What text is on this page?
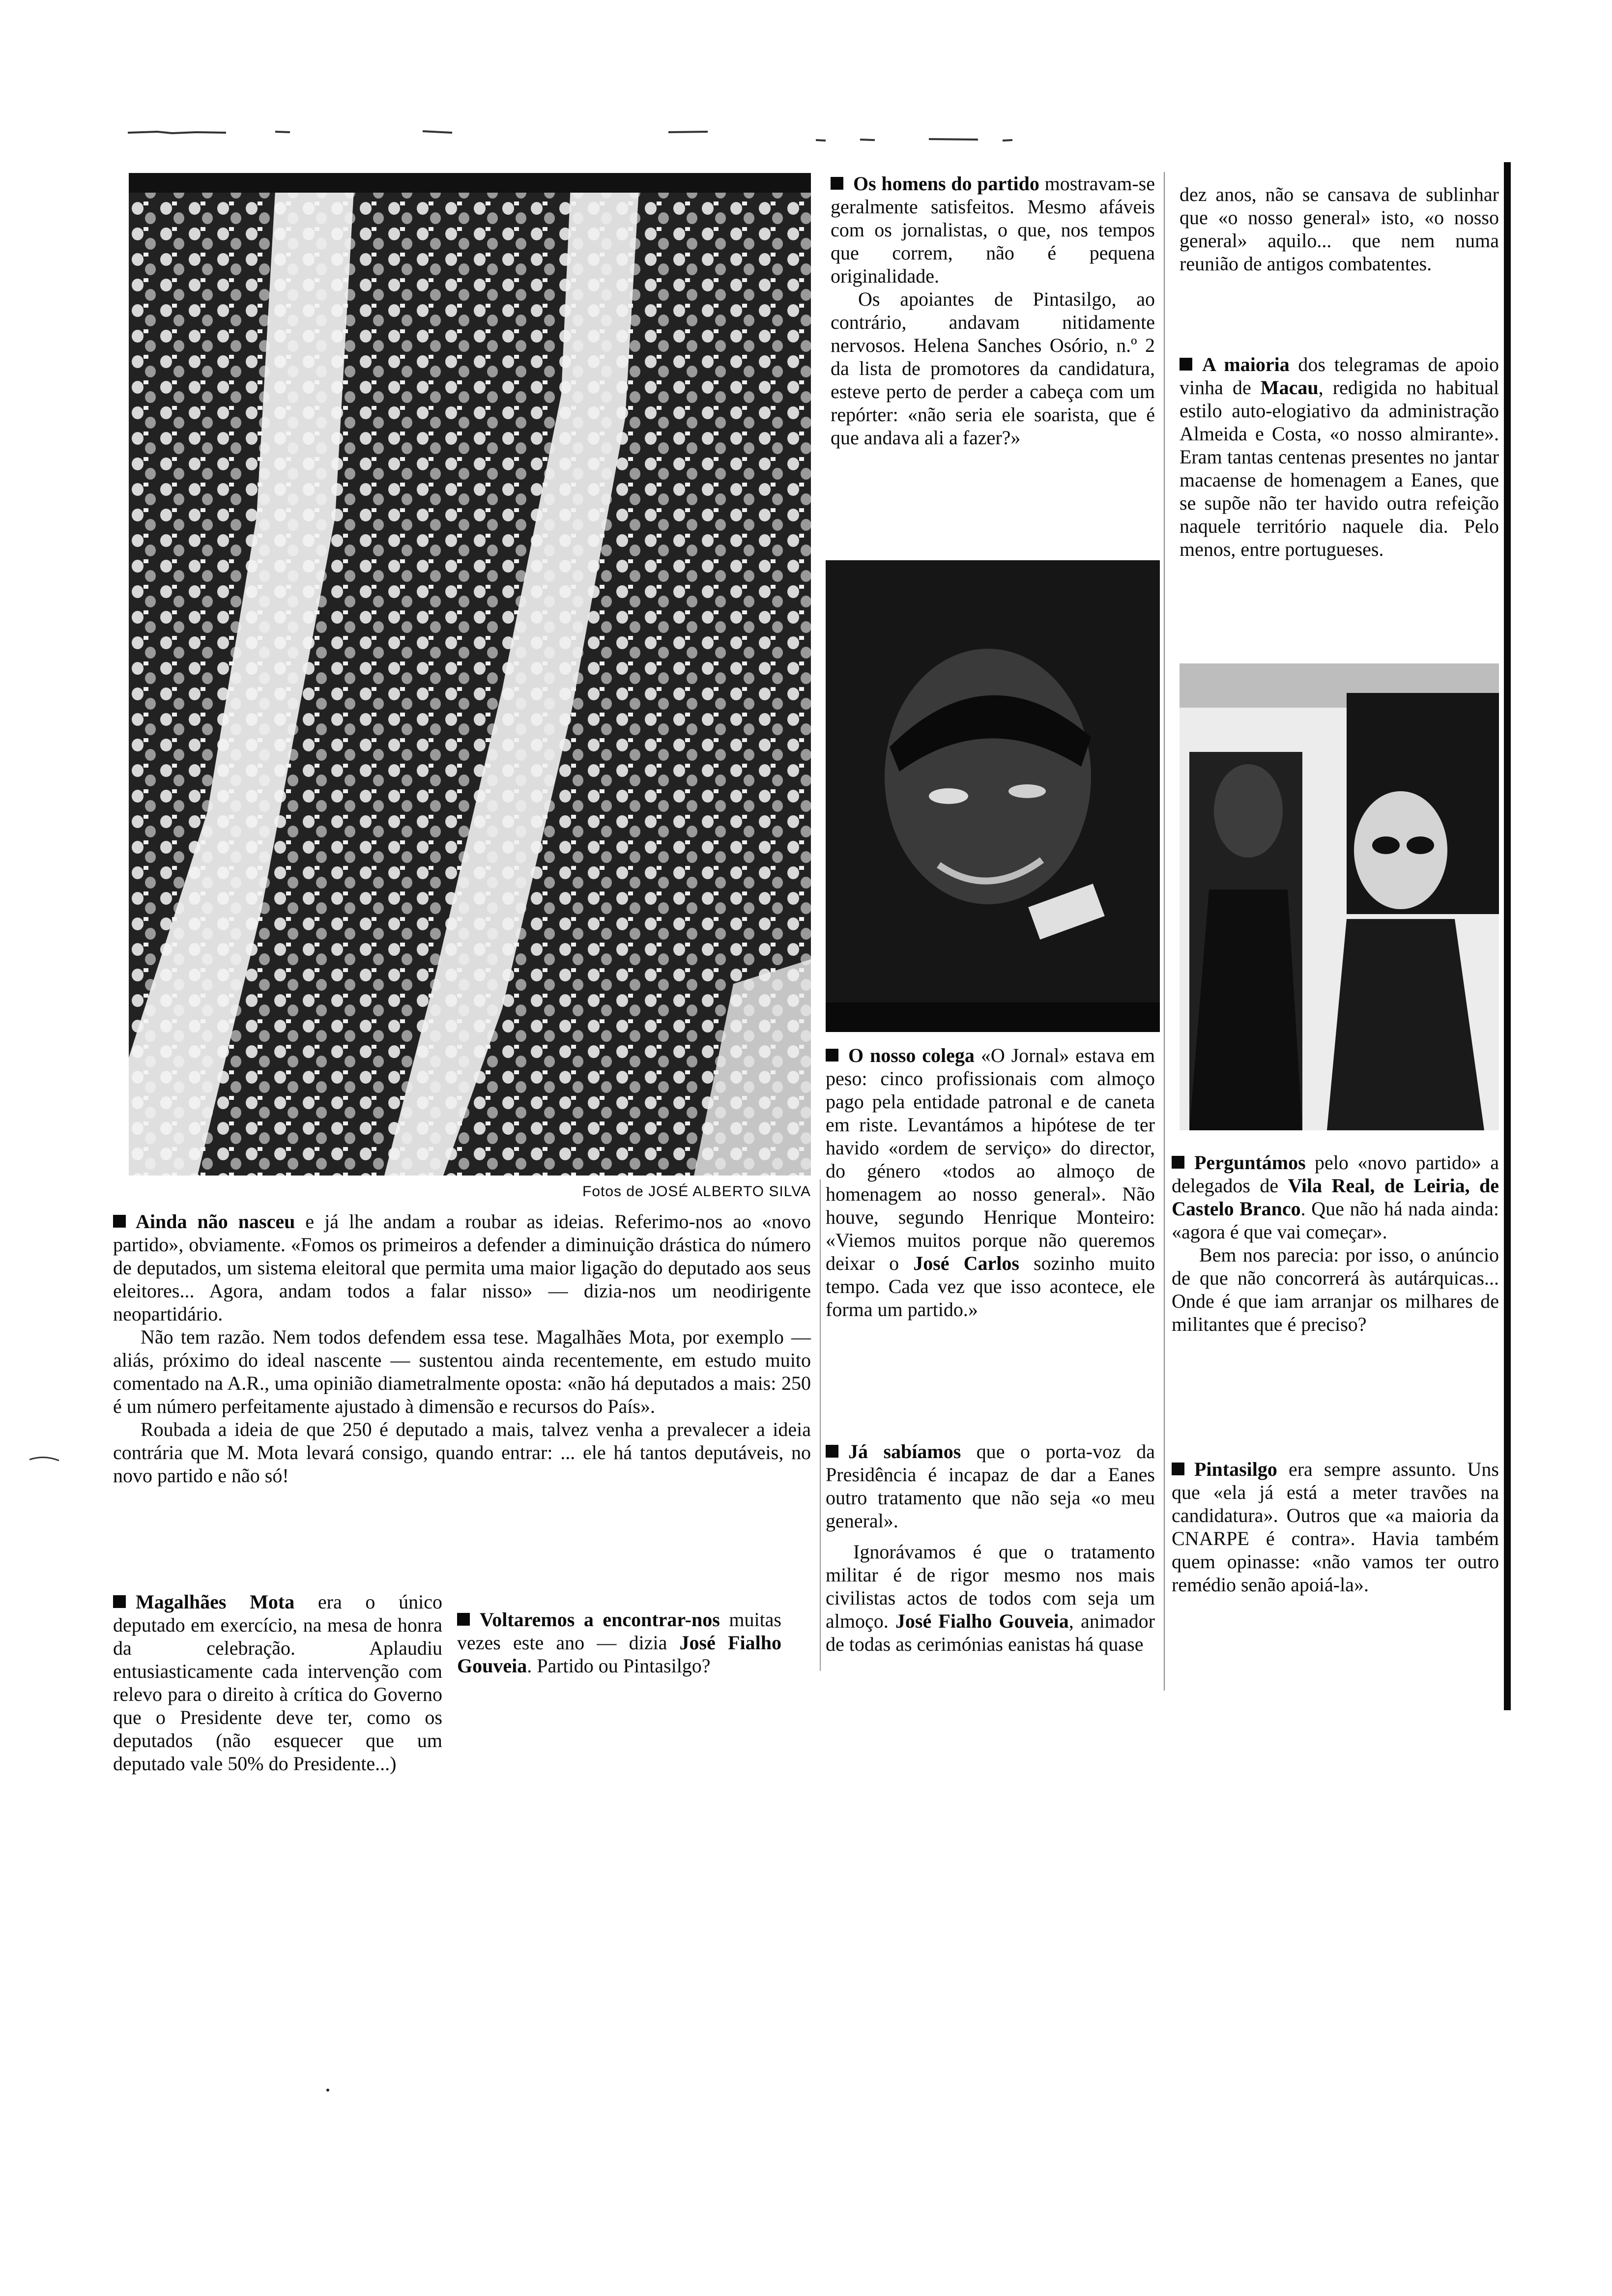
Fotos de JOSÉ ALBERTO SILVA

Ainda não nasceu e já lhe andam a roubar as ideias. Referimo-nos ao «novo partido», obviamente. «Fomos os primeiros a defender a diminuição drástica do número de deputados, um sistema eleitoral que permita uma maior ligação do deputado aos seus eleitores... Agora, andam todos a falar nisso» — dizia-nos um neodirigente neopartidário.

Não tem razão. Nem todos defendem essa tese. Magalhães Mota, por exemplo — aliás, próximo do ideal nascente — sustentou ainda recentemente, em estudo muito comentado na A.R., uma opinião diametralmente oposta: «não há deputados a mais: 250 é um número perfeitamente ajustado à dimensão e recursos do País».

Roubada a ideia de que 250 é deputado a mais, talvez venha a prevalecer a ideia contrária que M. Mota levará consigo, quando entrar: ... ele há tantos deputáveis, no novo partido e não só!

Magalhães Mota era o único deputado em exercício, na mesa de honra da celebração. Aplaudiu entusiasticamente cada intervenção com relevo para o direito à crítica do Governo que o Presidente deve ter, como os deputados (não esquecer que um deputado vale 50% do Presidente...)

Voltaremos a encontrar-nos muitas vezes este ano — dizia José Fialho Gouveia. Partido ou Pintasilgo?

Os homens do partido mostravam-se geralmente satisfeitos. Mesmo afáveis com os jornalistas, o que, nos tempos que correm, não é pequena originalidade.

Os apoiantes de Pintasilgo, ao contrário, andavam nitidamente nervosos. Helena Sanches Osório, n.º 2 da lista de promotores da candidatura, esteve perto de perder a cabeça com um repórter: «não seria ele soarista, que é que andava ali a fazer?»

O nosso colega «O Jornal» estava em peso: cinco profissionais com almoço pago pela entidade patronal e de caneta em riste. Levantámos a hipótese de ter havido «ordem de serviço» do director, do género «todos ao almoço de homenagem ao nosso general». Não houve, segundo Henrique Monteiro: «Viemos muitos porque não queremos deixar o José Carlos sozinho muito tempo. Cada vez que isso acontece, ele forma um partido.»

Já sabíamos que o porta-voz da Presidência é incapaz de dar a Eanes outro tratamento que não seja «o meu general».

Ignorávamos é que o tratamento militar é de rigor mesmo nos mais civilistas actos de todos com seja um almoço. José Fialho Gouveia, animador de todas as cerimónias eanistas há quase

dez anos, não se cansava de sublinhar que «o nosso general» isto, «o nosso general» aquilo... que nem numa reunião de antigos combatentes.

A maioria dos telegramas de apoio vinha de Macau, redigida no habitual estilo auto-elogiativo da administração Almeida e Costa, «o nosso almirante». Eram tantas centenas presentes no jantar macaense de homenagem a Eanes, que se supõe não ter havido outra refeição naquele território naquele dia. Pelo menos, entre portugueses.

Perguntámos pelo «novo partido» a delegados de Vila Real, de Leiria, de Castelo Branco. Que não há nada ainda: «agora é que vai começar».

Bem nos parecia: por isso, o anúncio de que não concorrerá às autárquicas... Onde é que iam arranjar os milhares de militantes que é preciso?

Pintasilgo era sempre assunto. Uns que «ela já está a meter travões na candidatura». Outros que «a maioria da CNARPE é contra». Havia também quem opinasse: «não vamos ter outro remédio senão apoiá-la».
